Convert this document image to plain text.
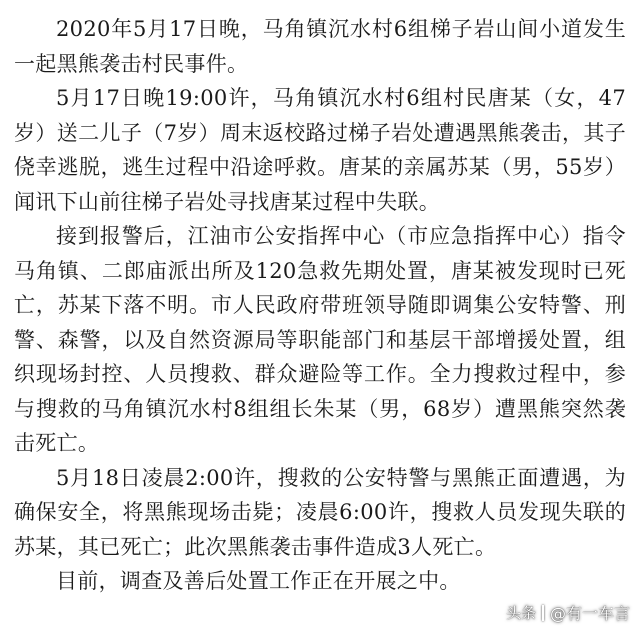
2020年5月17日晚，马角镇沉水村6组梯子岩山间小道发生一起黑熊袭击村民事件。

5月17日晚19:00许，马角镇沉水村6组村民唐某（女，47岁）送二儿子（7岁）周末返校路过梯子岩处遭遇黑熊袭击，其子侥幸逃脱，逃生过程中沿途呼救。唐某的亲属苏某（男，55岁）闻讯下山前往梯子岩处寻找唐某过程中失联。

接到报警后，江油市公安指挥中心（市应急指挥中心）指令马角镇、二郎庙派出所及120急救先期处置，唐某被发现时已死亡，苏某下落不明。市人民政府带班领导随即调集公安特警、刑警、森警，以及自然资源局等职能部门和基层干部增援处置，组织现场封控、人员搜救、群众避险等工作。全力搜救过程中，参与搜救的马角镇沉水村8组组长朱某（男，68岁）遭黑熊突然袭击死亡。

5月18日凌晨2:00许，搜救的公安特警与黑熊正面遭遇，为确保安全，将黑熊现场击毙；凌晨6:00许，搜救人员发现失联的苏某，其已死亡；此次黑熊袭击事件造成3人死亡。

目前，调查及善后处置工作正在开展之中。

头条 @有一车言
